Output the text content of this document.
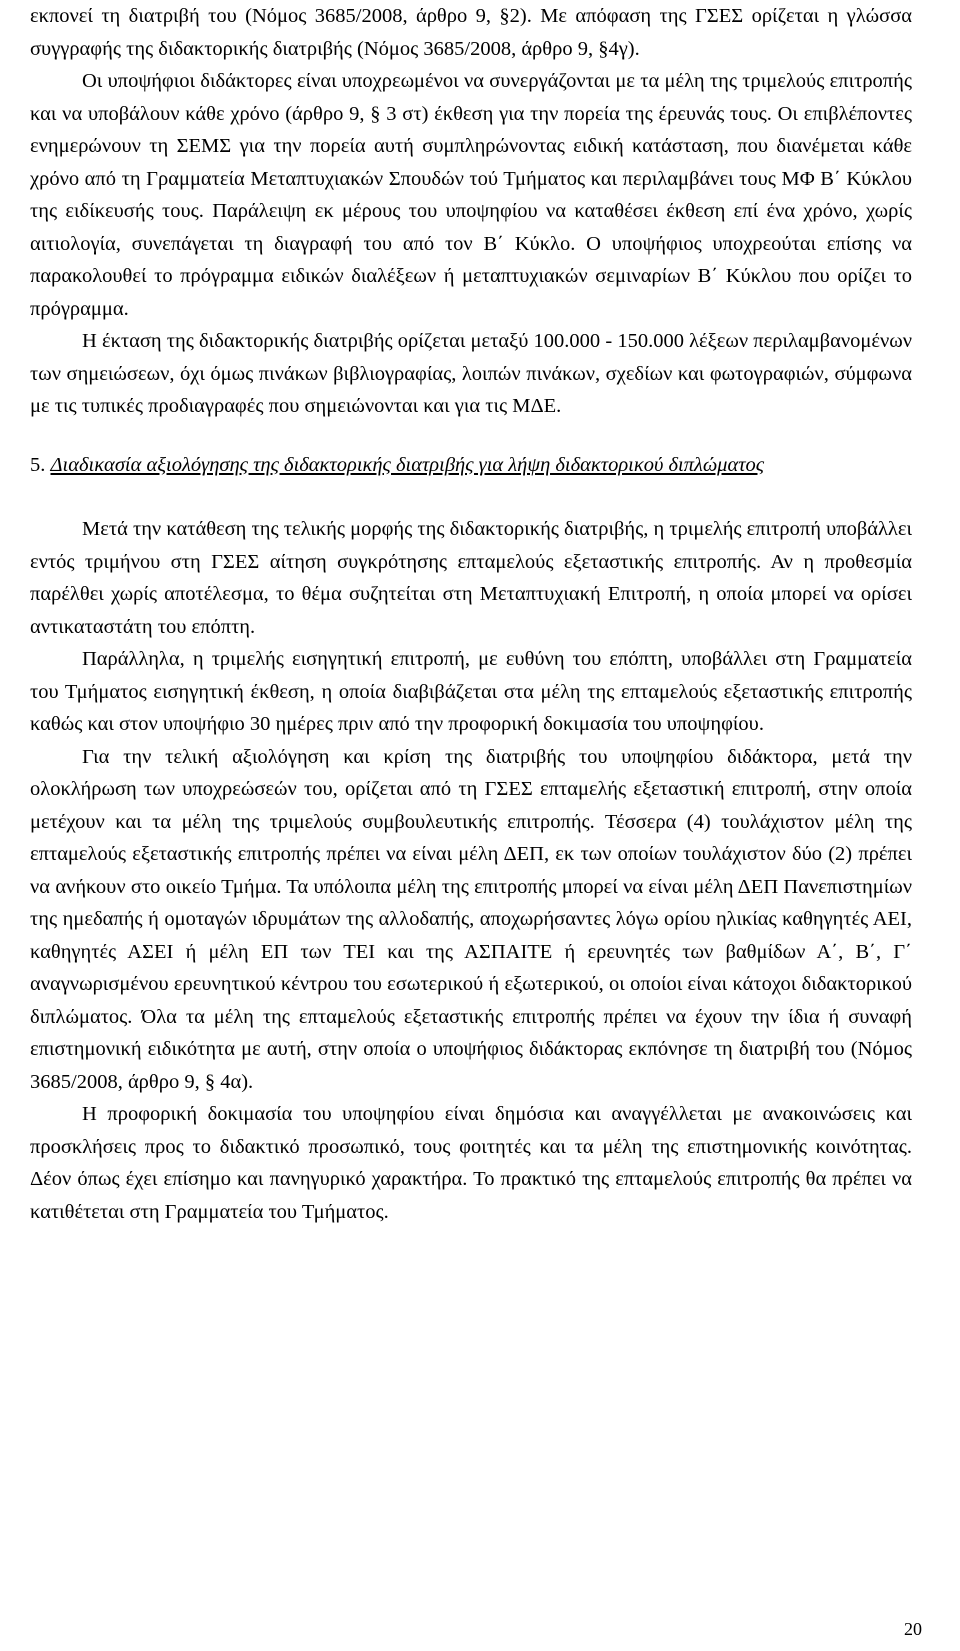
εκπονεί τη διατριβή του (Νόμος 3685/2008, άρθρο 9, §2). Με απόφαση της ΓΣΕΣ ορίζεται η γλώσσα συγγραφής της διδακτορικής διατριβής (Νόμος 3685/2008, άρθρο 9, §4γ).

Οι υποψήφιοι διδάκτορες είναι υποχρεωμένοι να συνεργάζονται με τα μέλη της τριμελούς επιτροπής και να υποβάλουν κάθε χρόνο (άρθρο 9, § 3 στ) έκθεση για την πορεία της έρευνάς τους. Οι επιβλέποντες ενημερώνουν τη ΣΕΜΣ για την πορεία αυτή συμπληρώνοντας ειδική κατάσταση, που διανέμεται κάθε χρόνο από τη Γραμματεία Μεταπτυχιακών Σπουδών τού Τμήματος και περιλαμβάνει τους ΜΦ Β΄ Κύκλου της ειδίκευσής τους. Παράλειψη εκ μέρους του υποψηφίου να καταθέσει έκθεση επί ένα χρόνο, χωρίς αιτιολογία, συνεπάγεται τη διαγραφή του από τον Β΄ Κύκλο. Ο υποψήφιος υποχρεούται επίσης να παρακολουθεί το πρόγραμμα ειδικών διαλέξεων ή μεταπτυχιακών σεμιναρίων Β΄ Κύκλου που ορίζει το πρόγραμμα.

Η έκταση της διδακτορικής διατριβής ορίζεται μεταξύ 100.000 - 150.000 λέξεων περιλαμβανομένων των σημειώσεων, όχι όμως πινάκων βιβλιογραφίας, λοιπών πινάκων, σχεδίων και φωτογραφιών, σύμφωνα με τις τυπικές προδιαγραφές που σημειώνονται και για τις ΜΔΕ.

5. Διαδικασία αξιολόγησης της διδακτορικής διατριβής για λήψη διδακτορικού διπλώματος

Μετά την κατάθεση της τελικής μορφής της διδακτορικής διατριβής, η τριμελής επιτροπή υποβάλλει εντός τριμήνου στη ΓΣΕΣ αίτηση συγκρότησης επταμελούς εξεταστικής επιτροπής. Αν η προθεσμία παρέλθει χωρίς αποτέλεσμα, το θέμα συζητείται στη Μεταπτυχιακή Επιτροπή, η οποία μπορεί να ορίσει αντικαταστάτη του επόπτη.

Παράλληλα, η τριμελής εισηγητική επιτροπή, με ευθύνη του επόπτη, υποβάλλει στη Γραμματεία του Τμήματος εισηγητική έκθεση, η οποία διαβιβάζεται στα μέλη της επταμελούς εξεταστικής επιτροπής καθώς και στον υποψήφιο 30 ημέρες πριν από την προφορική δοκιμασία του υποψηφίου.

Για την τελική αξιολόγηση και κρίση της διατριβής του υποψηφίου διδάκτορα, μετά την ολοκλήρωση των υποχρεώσεών του, ορίζεται από τη ΓΣΕΣ επταμελής εξεταστική επιτροπή, στην οποία μετέχουν και τα μέλη της τριμελούς συμβουλευτικής επιτροπής. Τέσσερα (4) τουλάχιστον μέλη της επταμελούς εξεταστικής επιτροπής πρέπει να είναι μέλη ΔΕΠ, εκ των οποίων τουλάχιστον δύο (2) πρέπει να ανήκουν στο οικείο Τμήμα. Τα υπόλοιπα μέλη της επιτροπής μπορεί να είναι μέλη ΔΕΠ Πανεπιστημίων της ημεδαπής ή ομοταγών ιδρυμάτων της αλλοδαπής, αποχωρήσαντες λόγω ορίου ηλικίας καθηγητές ΑΕΙ, καθηγητές ΑΣΕΙ ή μέλη ΕΠ των ΤΕΙ και της ΑΣΠΑΙΤΕ ή ερευνητές των βαθμίδων Α΄, Β΄, Γ΄ αναγνωρισμένου ερευνητικού κέντρου του εσωτερικού ή εξωτερικού, οι οποίοι είναι κάτοχοι διδακτορικού διπλώματος. Όλα τα μέλη της επταμελούς εξεταστικής επιτροπής πρέπει να έχουν την ίδια ή συναφή επιστημονική ειδικότητα με αυτή, στην οποία ο υποψήφιος διδάκτορας εκπόνησε τη διατριβή του (Νόμος 3685/2008, άρθρο 9, § 4α).

Η προφορική δοκιμασία του υποψηφίου είναι δημόσια και αναγγέλλεται με ανακοινώσεις και προσκλήσεις προς το διδακτικό προσωπικό, τους φοιτητές και τα μέλη της επιστημονικής κοινότητας. Δέον όπως έχει επίσημο και πανηγυρικό χαρακτήρα. Το πρακτικό της επταμελούς επιτροπής θα πρέπει να κατιθέτεται στη Γραμματεία του Τμήματος.

20
